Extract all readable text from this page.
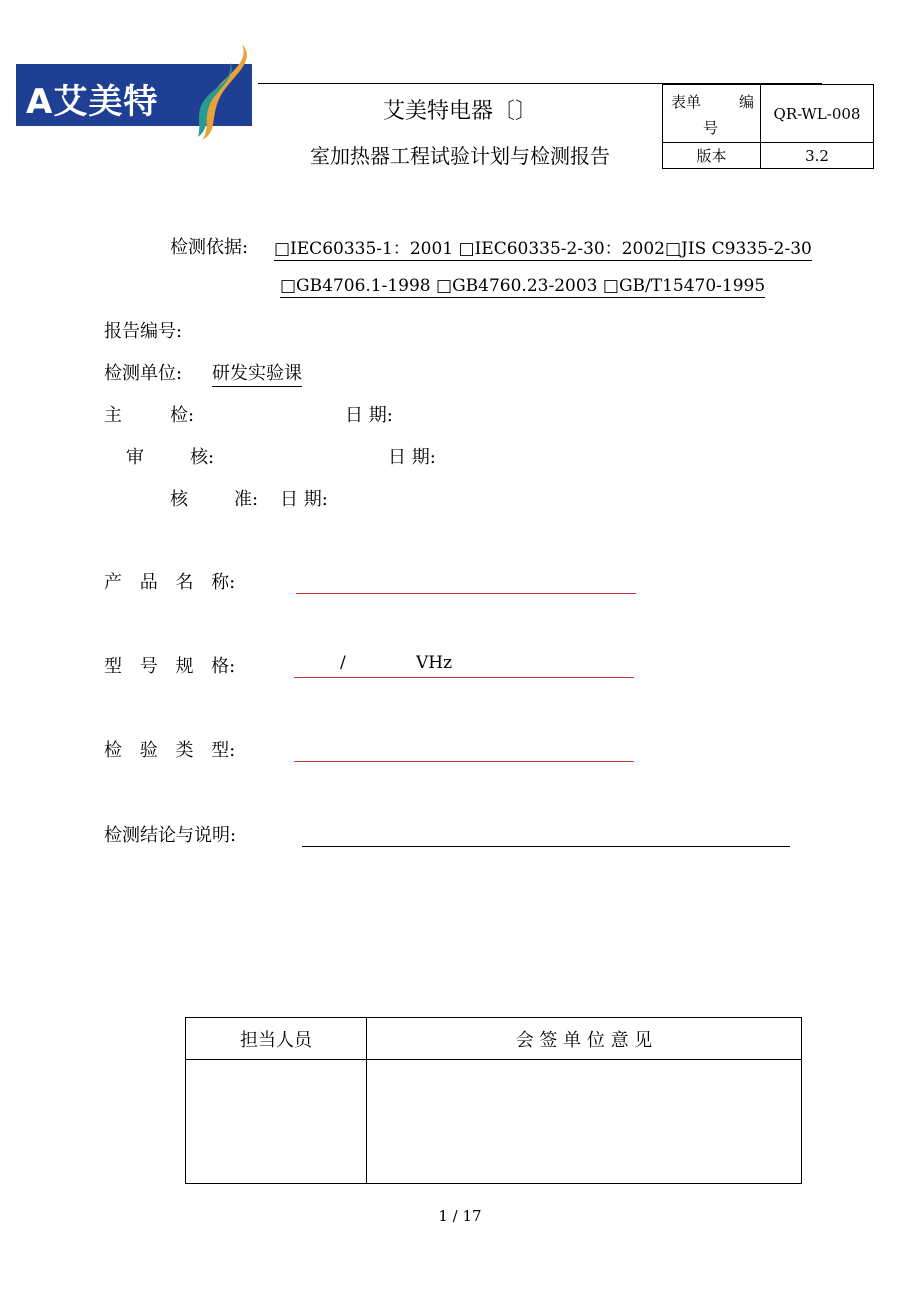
A艾美特	艾美特电器〔〕
室加热器工程试验计划与检测报告
表单 编
号	QR-WL-008
版本	3.2
检测依据: □IEC60335-1：2001 □IEC60335-2-30：2002□JIS C9335-2-30
□GB4706.1-1998 □GB4760.23-2003 □GB/T15470-1995
报告编号:
检测单位: 研发实验课
主	检:	日 期:
审	核:	日 期:
核	准: 日 期:
产 品 名 称:
型 号 规 格:	/	VHz
检 验 类 型:
检测结论与说明:
担当人员	会 签 单 位 意 见

1 / 17
